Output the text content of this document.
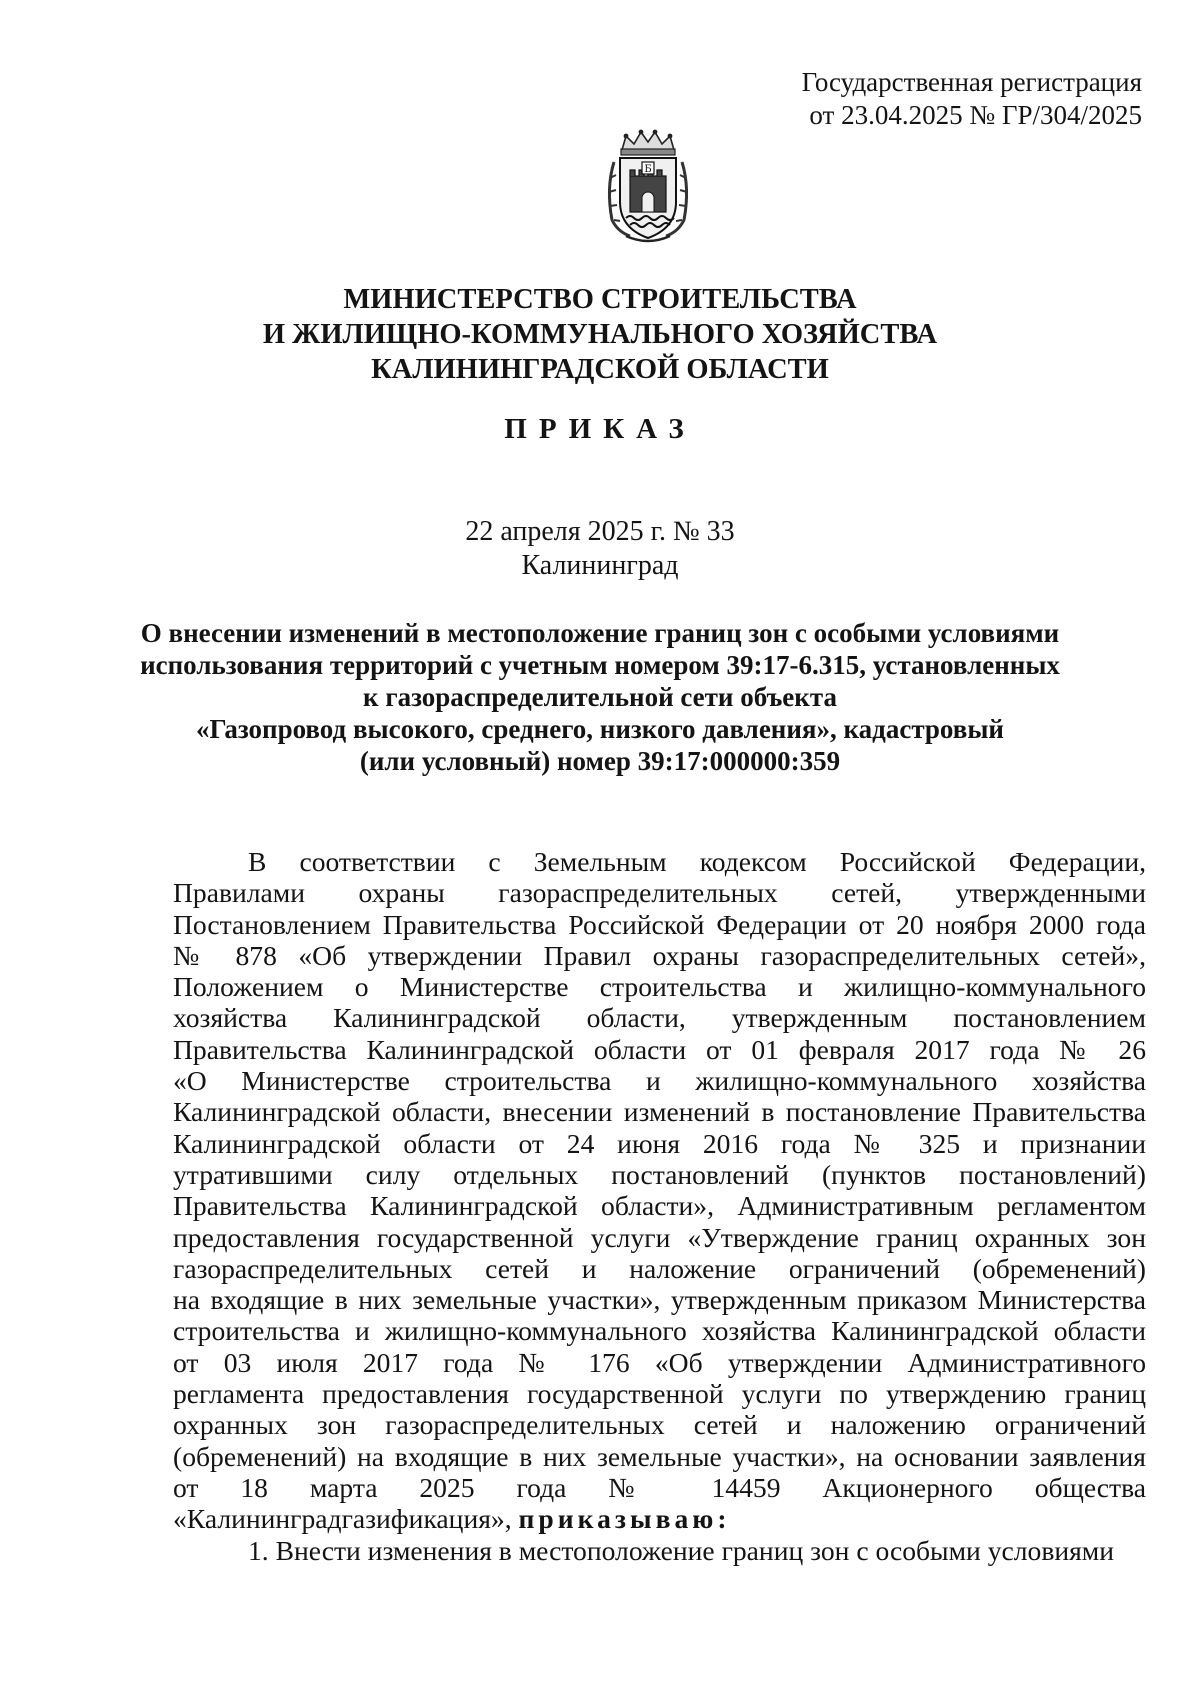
Государственная регистрация
от 23.04.2025 № ГР/304/2025
Б
МИНИСТЕРСТВО СТРОИТЕЛЬСТВА
И ЖИЛИЩНО-КОММУНАЛЬНОГО ХОЗЯЙСТВА
КАЛИНИНГРАДСКОЙ ОБЛАСТИ
ПРИКАЗ
22 апреля 2025 г. № 33
Калининград
О внесении изменений в местоположение границ зон с особыми условиями
использования территорий с учетным номером 39:17-6.315, установленных
к газораспределительной сети объекта
«Газопровод высокого, среднего, низкого давления», кадастровый
(или условный) номер 39:17:000000:359
В соответствии с Земельным кодексом Российской Федерации,
Правилами охраны газораспределительных сетей, утвержденными
Постановлением Правительства Российской Федерации от 20 ноября 2000 года
№ 878 «Об утверждении Правил охраны газораспределительных сетей»,
Положением о Министерстве строительства и жилищно-коммунального
хозяйства Калининградской области, утвержденным постановлением
Правительства Калининградской области от 01 февраля 2017 года № 26
«О Министерстве строительства и жилищно-коммунального хозяйства
Калининградской области, внесении изменений в постановление Правительства
Калининградской области от 24 июня 2016 года № 325 и признании
утратившими силу отдельных постановлений (пунктов постановлений)
Правительства Калининградской области», Административным регламентом
предоставления государственной услуги «Утверждение границ охранных зон
газораспределительных сетей и наложение ограничений (обременений)
на входящие в них земельные участки», утвержденным приказом Министерства
строительства и жилищно-коммунального хозяйства Калининградской области
от 03 июля 2017 года № 176 «Об утверждении Административного
регламента предоставления государственной услуги по утверждению границ
охранных зон газораспределительных сетей и наложению ограничений
(обременений) на входящие в них земельные участки», на основании заявления
от 18 марта 2025 года № 14459 Акционерного общества
«Калининградгазификация», приказываю:
1. Внести изменения в местоположение границ зон с особыми условиями
